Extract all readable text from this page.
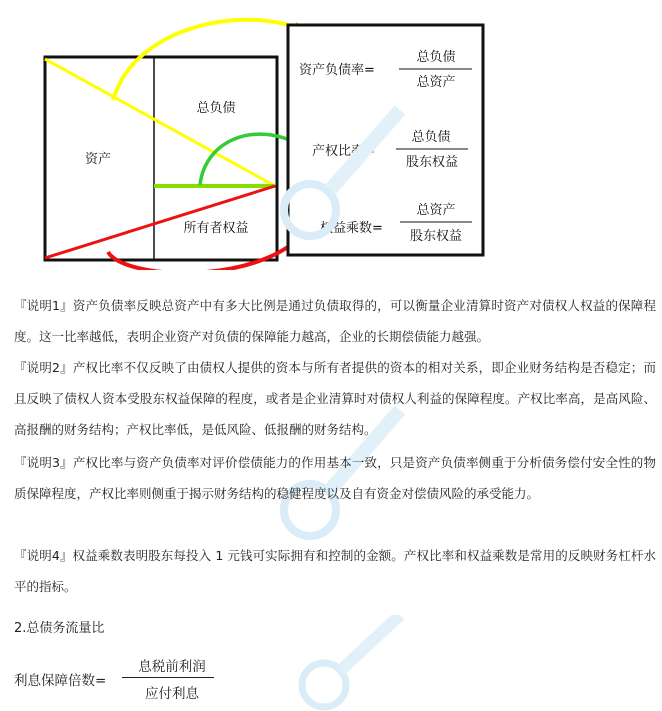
资产
总负债
所有者权益
资产负债率=
总负债
总资产
产权比率=
总负债
股东权益
权益乘数=
总资产
股东权益

『说明1』资产负债率反映总资产中有多大比例是通过负债取得的，可以衡量企业清算时资产对债权人权益的保障程度。这一比率越低，表明企业资产对负债的保障能力越高，企业的长期偿债能力越强。

『说明2』产权比率不仅反映了由债权人提供的资本与所有者提供的资本的相对关系，即企业财务结构是否稳定；而且反映了债权人资本受股东权益保障的程度，或者是企业清算时对债权人利益的保障程度。产权比率高，是高风险、高报酬的财务结构；产权比率低，是低风险、低报酬的财务结构。

『说明3』产权比率与资产负债率对评价偿债能力的作用基本一致，只是资产负债率侧重于分析债务偿付安全性的物质保障程度，产权比率则侧重于揭示财务结构的稳健程度以及自有资金对偿债风险的承受能力。

『说明4』权益乘数表明股东每投入 1 元钱可实际拥有和控制的金额。产权比率和权益乘数是常用的反映财务杠杆水平的指标。

2.总债务流量比

利息保障倍数=
息税前利润
应付利息
